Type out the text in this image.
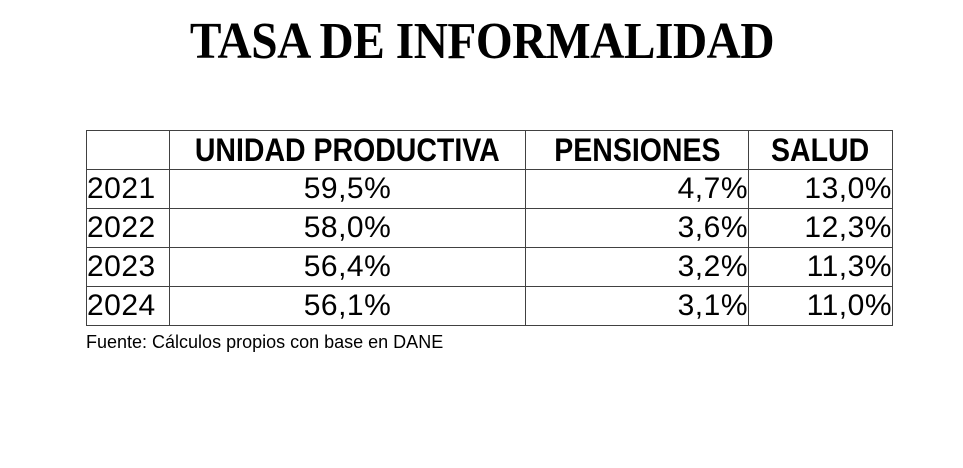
TASA DE INFORMALIDAD
	UNIDAD PRODUCTIVA	PENSIONES	SALUD
2021	59,5%	4,7%	13,0%
2022	58,0%	3,6%	12,3%
2023	56,4%	3,2%	11,3%
2024	56,1%	3,1%	11,0%
Fuente: Cálculos propios con base en DANE
